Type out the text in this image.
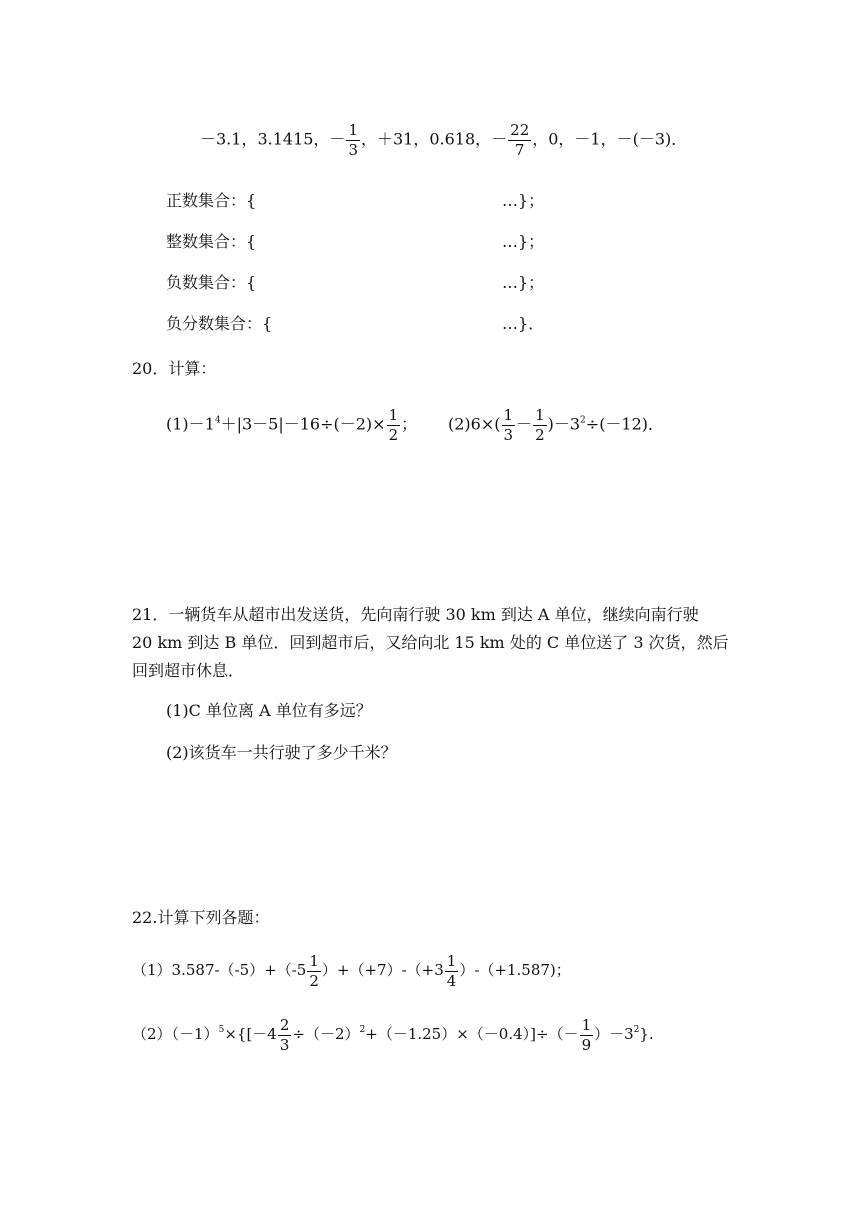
－3.1，3.1415，－ $\frac{1}{3}$ ，＋31，0.618，－ $\frac{22}{7}$ ，0，－1，－(－3)．
正数集合：{	…}；
整数集合：{	…}；
负数集合：{	…}；
负分数集合：{	…}．
20．计算：
$(1)-1^4+|3-5|-16\div(-2)\times \frac{1}{2}$ ； $(2)6\times( \frac{1}{3} - \frac{1}{2} )-3^2\div(-12)$．
21．一辆货车从超市出发送货，先向南行驶 30 km 到达 A 单位，继续向南行驶
20 km 到达 B 单位．回到超市后，又给向北 15 km 处的 C 单位送了 3 次货，然后
回到超市休息．
(1)C 单位离 A 单位有多远？
(2)该货车一共行驶了多少千米？
22.计算下列各题：
$(1)3.587-(-5)+(-5 \frac{1}{2} )+(+7)-(+3 \frac{1}{4} )-(+1.587)$；
$(2)(-1)^5\times\{[-4 \frac{2}{3} \div(-2)^2+(-1.25)\times(-0.4)]\div(- \frac{1}{9} )-3^2\}$.
